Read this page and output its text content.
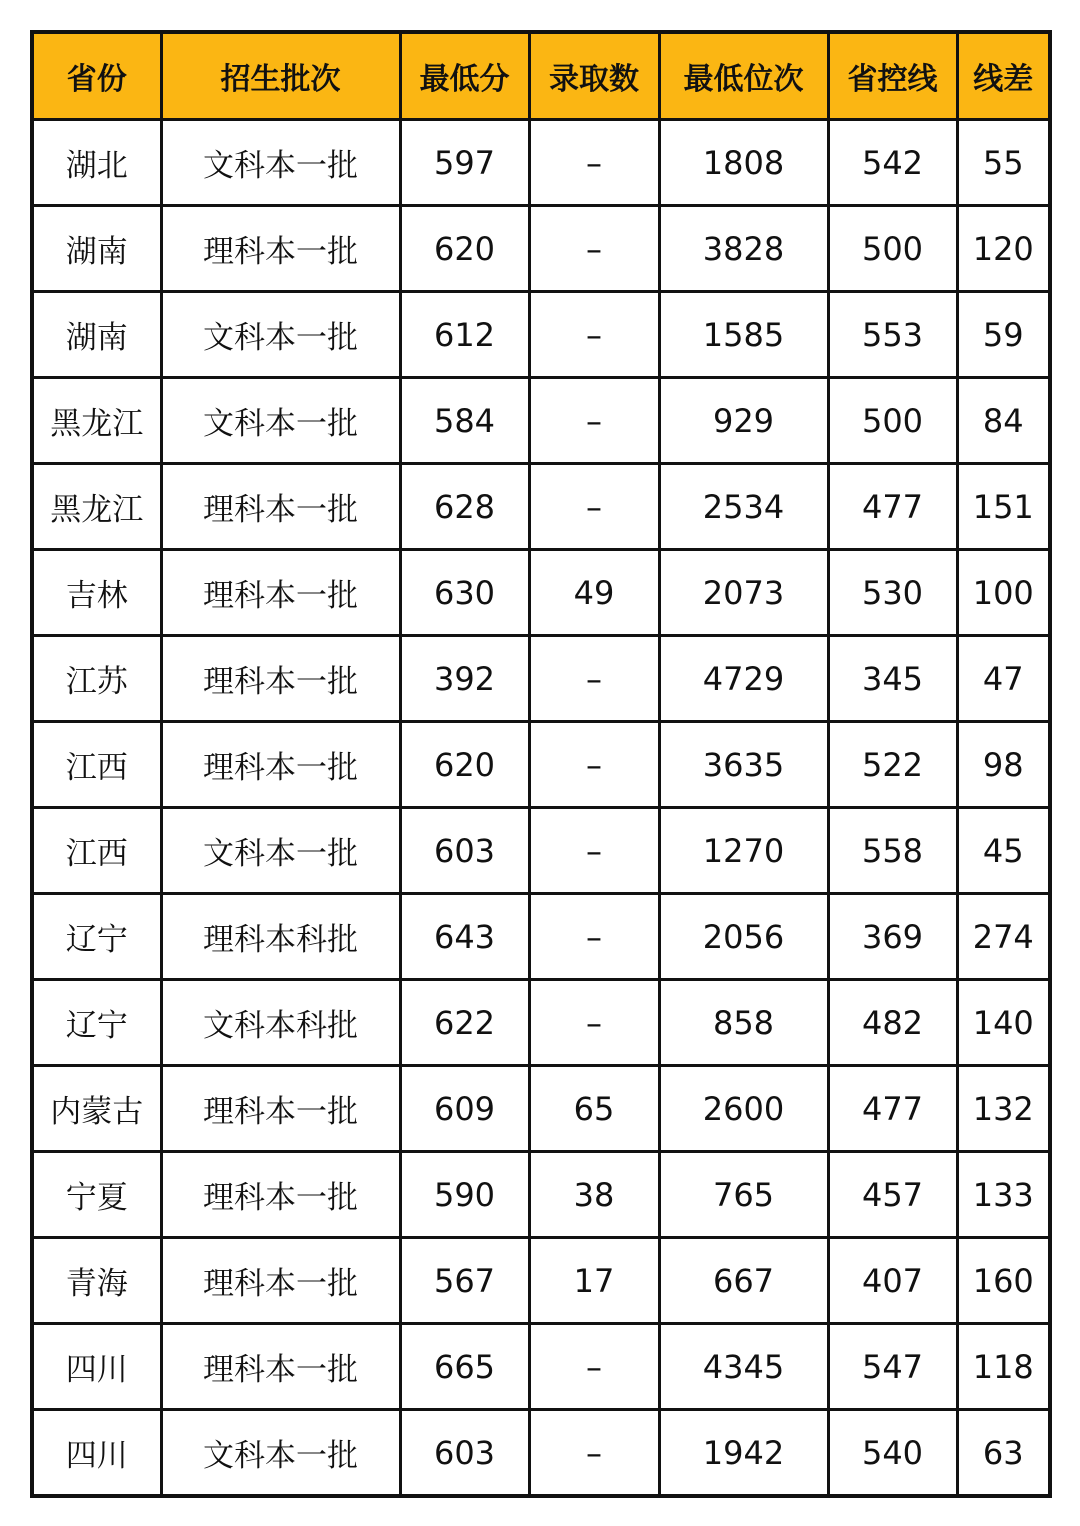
省份	招生批次	最低分	录取数	最低位次	省控线	线差
湖北	文科本一批	597	–	1808	542	55
湖南	理科本一批	620	–	3828	500	120
湖南	文科本一批	612	–	1585	553	59
黑龙江	文科本一批	584	–	929	500	84
黑龙江	理科本一批	628	–	2534	477	151
吉林	理科本一批	630	49	2073	530	100
江苏	理科本一批	392	–	4729	345	47
江西	理科本一批	620	–	3635	522	98
江西	文科本一批	603	–	1270	558	45
辽宁	理科本科批	643	–	2056	369	274
辽宁	文科本科批	622	–	858	482	140
内蒙古	理科本一批	609	65	2600	477	132
宁夏	理科本一批	590	38	765	457	133
青海	理科本一批	567	17	667	407	160
四川	理科本一批	665	–	4345	547	118
四川	文科本一批	603	–	1942	540	63
